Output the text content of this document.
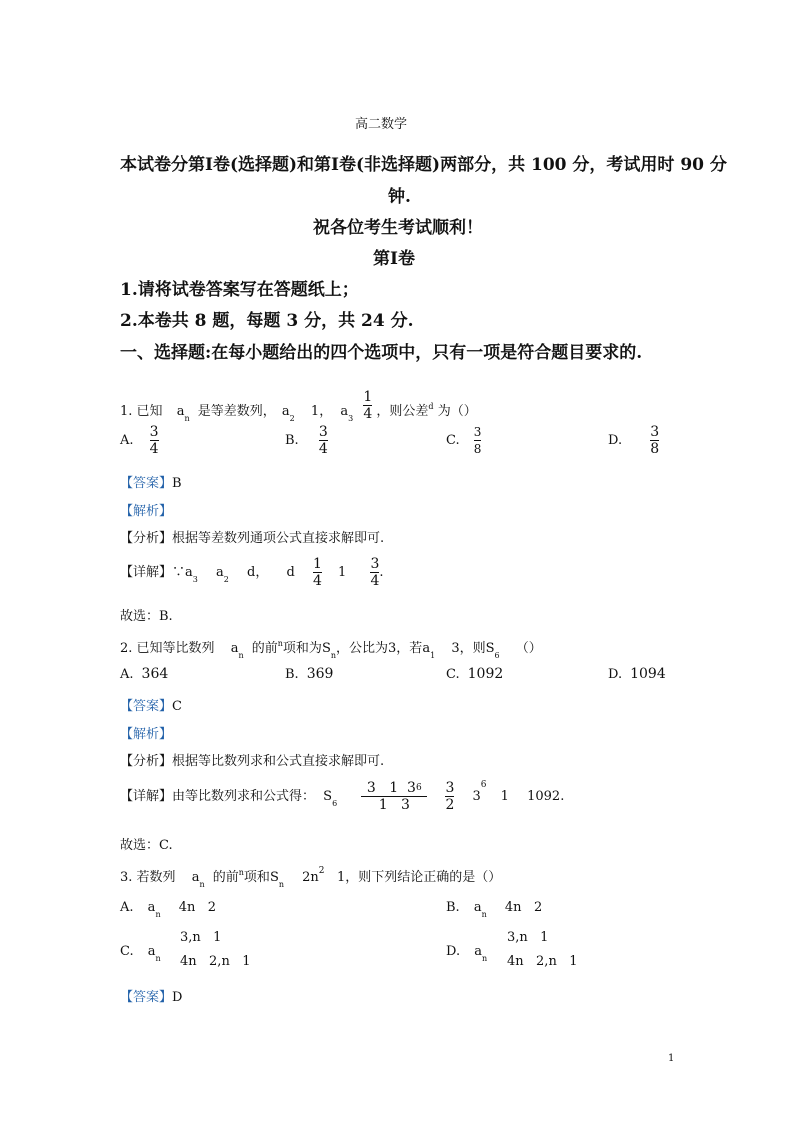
高二数学
本试卷分第Ⅰ卷(选择题)和第Ⅰ卷(非选择题)两部分，共 100 分，考试用时 90 分
钟.
祝各位考生考试顺利！
第Ⅰ卷
1.请将试卷答案写在答题纸上；
2.本卷共 8 题，每题 3 分，共 24 分.
一、选择题:在每小题给出的四个选项中，只有一项是符合题目要求的.
1. 已知 $a_n$ 是等差数列， $a_2$ 1， $a_3 \frac{1}{4}$ ，则公差$^d$ 为（）
A. $\frac{3}{4}$	B. $\frac{3}{4}$	C. $\frac{3}{8}$	D. $\frac{3}{8}$
【答案】B
【解析】
【分析】根据等差数列通项公式直接求解即可.
【详解】$\because a_3$ $a_2$ d， d $\frac{1}{4} 1 \frac{3}{4}$ .
故选：B.
2. 已知等比数列 $a_n$ 的前$^n$项和为$S_n$，公比为3，若$a_1$ 3，则$S_6$ （）
A. 364	B. 369	C. 1092	D. 1094
【答案】C
【解析】
【分析】根据等比数列求和公式直接求解即可.
【详解】由等比数列求和公式得： $S_6 \frac{3 1 3^6}{1 3}$
$\frac{3}{2} 3^6$ 1 1092.
故选：C.
3. 若数列 $a_n$ 的前$^n$项和$S_n$ $2n^2$ 1，则下列结论正确的是（）
A. $a_n$ 4n 2	B. $a_n$ 4n 2
C. $a_n$
3,n   1
4n   2,n   1
D. $a_n$
3,n   1
4n   2,n   1
【答案】D
1
